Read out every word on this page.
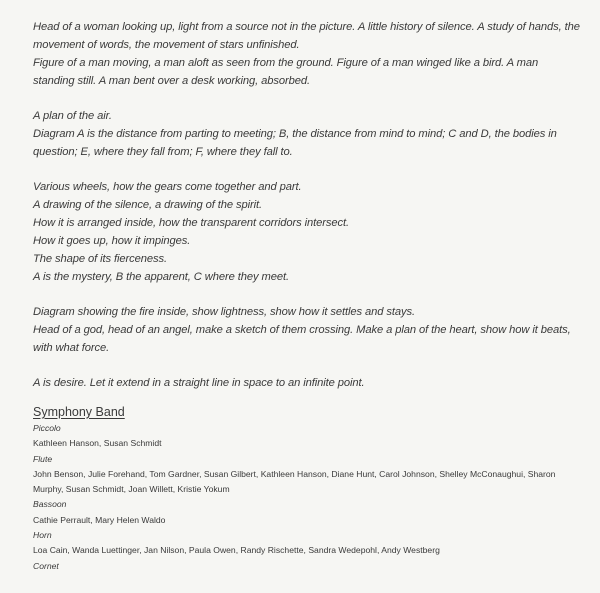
Head of a woman looking up, light from a source not in the picture. A little history of silence. A study of hands, the movement of words, the movement of stars unfinished.

Figure of a man moving, a man aloft as seen from the ground. Figure of a man winged like a bird. A man standing still. A man bent over a desk working, absorbed.

A plan of the air.

Diagram A is the distance from parting to meeting; B, the distance from mind to mind; C and D, the bodies in question; E, where they fall from; F, where they fall to.

Various wheels, how the gears come together and part.

A drawing of the silence, a drawing of the spirit.

How it is arranged inside, how the transparent corridors intersect.

How it goes up, how it impinges.

The shape of its fierceness.

A is the mystery, B the apparent, C where they meet.

Diagram showing the fire inside, show lightness, show how it settles and stays.

Head of a god, head of an angel, make a sketch of them crossing. Make a plan of the heart, show how it beats, with what force.

A is desire. Let it extend in a straight line in space to an infinite point.

Symphony Band

Piccolo

Kathleen Hanson, Susan Schmidt

Flute

John Benson, Julie Forehand, Tom Gardner, Susan Gilbert, Kathleen Hanson, Diane Hunt, Carol Johnson, Shelley McConaughui, Sharon Murphy, Susan Schmidt, Joan Willett, Kristie Yokum

Bassoon

Cathie Perrault, Mary Helen Waldo

Horn

Loa Cain, Wanda Luettinger, Jan Nilson, Paula Owen, Randy Rischette, Sandra Wedepohl, Andy Westberg

Cornet
